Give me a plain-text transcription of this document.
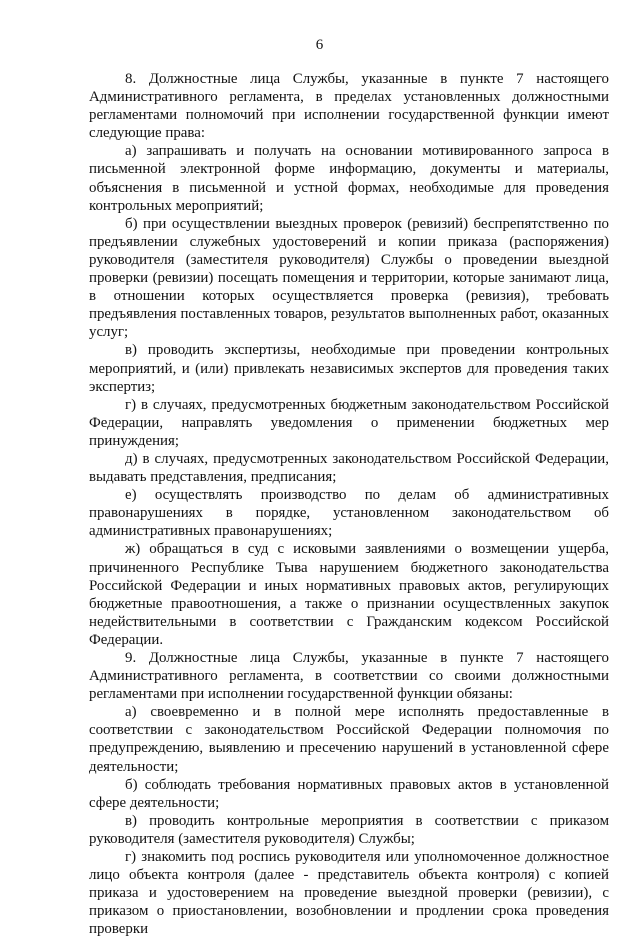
6

8. Должностные лица Службы, указанные в пункте 7 настоящего Административного регламента, в пределах установленных должностными регламентами полномочий при исполнении государственной функции имеют следующие права:

а) запрашивать и получать на основании мотивированного запроса в письменной электронной форме информацию, документы и материалы, объяснения в письменной и устной формах, необходимые для проведения контрольных мероприятий;

б) при осуществлении выездных проверок (ревизий) беспрепятственно по предъявлении служебных удостоверений и копии приказа (распоряжения) руководителя (заместителя руководителя) Службы о проведении выездной проверки (ревизии) посещать помещения и территории, которые занимают лица, в отношении которых осуществляется проверка (ревизия), требовать предъявления поставленных товаров, результатов выполненных работ, оказанных услуг;

в) проводить экспертизы, необходимые при проведении контрольных мероприятий, и (или) привлекать независимых экспертов для проведения таких экспертиз;

г) в случаях, предусмотренных бюджетным законодательством Российской Федерации, направлять уведомления о применении бюджетных мер принуждения;

д) в случаях, предусмотренных законодательством Российской Федерации, выдавать представления, предписания;

е) осуществлять производство по делам об административных правонарушениях в порядке, установленном законодательством об административных правонарушениях;

ж) обращаться в суд с исковыми заявлениями о возмещении ущерба, причиненного Республике Тыва нарушением бюджетного законодательства Российской Федерации и иных нормативных правовых актов, регулирующих бюджетные правоотношения, а также о признании осуществленных закупок недействительными в соответствии с Гражданским кодексом Российской Федерации.

9. Должностные лица Службы, указанные в пункте 7 настоящего Административного регламента, в соответствии со своими должностными регламентами при исполнении государственной функции обязаны:

а) своевременно и в полной мере исполнять предоставленные в соответствии с законодательством Российской Федерации полномочия по предупреждению, выявлению и пресечению нарушений в установленной сфере деятельности;

б) соблюдать требования нормативных правовых актов в установленной сфере деятельности;

в) проводить контрольные мероприятия в соответствии с приказом руководителя (заместителя руководителя) Службы;

г) знакомить под роспись руководителя или уполномоченное должностное лицо объекта контроля (далее - представитель объекта контроля) с копией приказа и удостоверением на проведение выездной проверки (ревизии), с приказом о приостановлении, возобновлении и продлении срока проведения проверки
